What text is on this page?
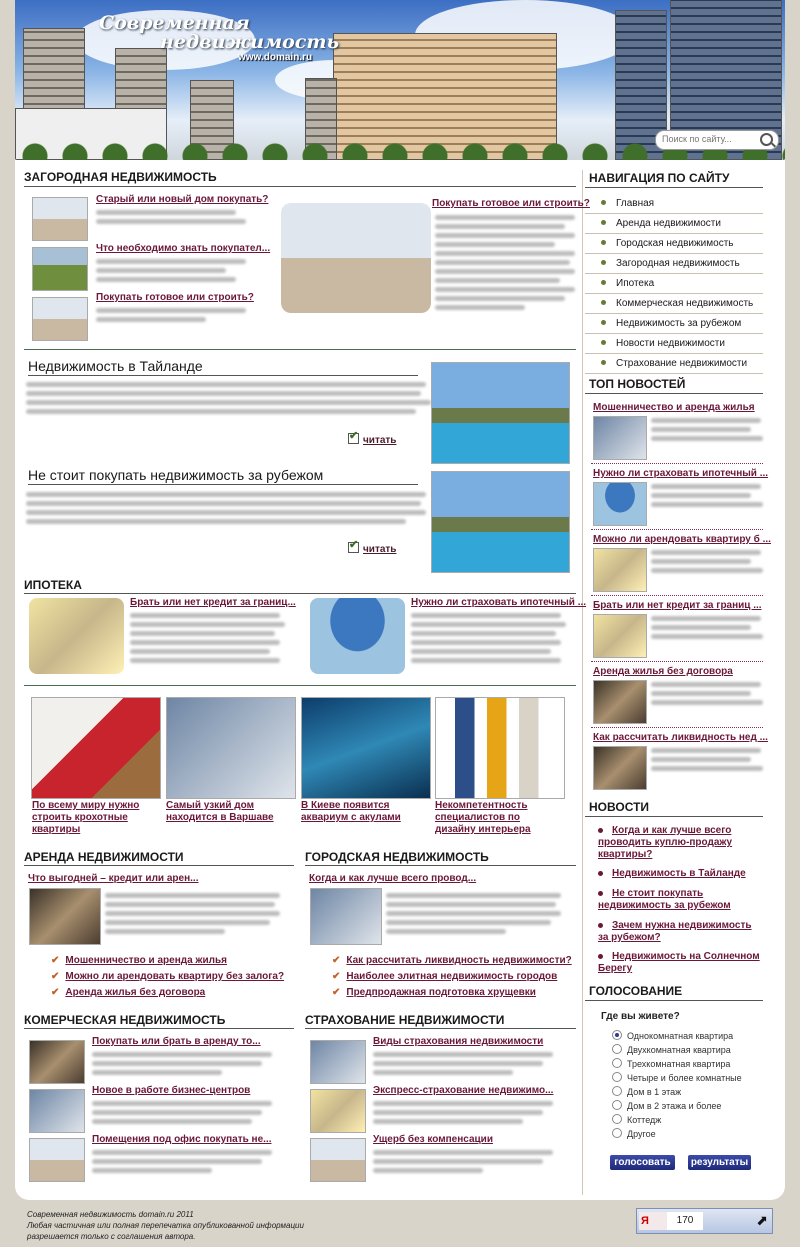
Современная
недвижимость
www.domain.ru
Поиск по сайту...
ЗАГОРОДНАЯ НЕДВИЖИМОСТЬ
Старый или новый дом покупать?
Что необходимо знать покупател...
Покупать готовое или строить?
Покупать готовое или строить?
Недвижимость в Тайланде
✔читать
Не стоит покупать недвижимость за рубежом
✔читать
ИПОТЕКА
Брать или нет кредит за границ...	Нужно ли страховать ипотечный ...
По всему миру нужно строить крохотные квартиры
Самый узкий дом находится в Варшаве
В Киеве появится аквариум с акулами
Некомпетентность специалистов по дизайну интерьера
АРЕНДА НЕДВИЖИМОСТИ
Что выгодней – кредит или арен...
✔ Мошенничество и аренда жилья
✔ Можно ли арендовать квартиру без залога?
✔ Аренда жилья без договора
ГОРОДСКАЯ НЕДВИЖИМОСТЬ
Когда и как лучше всего провод...
✔ Как рассчитать ликвидность недвижимости?
✔ Наиболее элитная недвижимость городов
✔ Предпродажная подготовка хрущевки
КОМЕРЧЕСКАЯ НЕДВИЖИМОСТЬ
Покупать или брать в аренду то...
Новое в работе бизнес-центров
Помещения под офис покупать не...
СТРАХОВАНИЕ НЕДВИЖИМОСТИ
Виды страхования недвижимости
Экспресс-страхование недвижимо...
Ущерб без компенсации
НАВИГАЦИЯ ПО САЙТУ
Главная
Аренда недвижимости
Городская недвижимость
Загородная недвижимость
Ипотека
Коммерческая недвижимость
Недвижимость за рубежом
Новости недвижимости
Страхование недвижимости
ТОП НОВОСТЕЙ
Мошенничество и аренда жилья
Нужно ли страховать ипотечный ...
Можно ли арендовать квартиру б ...
Брать или нет кредит за границ ...
Аренда жилья без договора
Как рассчитать ликвидность нед ...
НОВОСТИ
Когда и как лучше всего проводить куплю-продажу квартиры?
Недвижимость в Тайланде
Не стоит покупать недвижимость за рубежом
Зачем нужна недвижимость за рубежом?
Недвижимость на Солнечном Берегу
ГОЛОСОВАНИЕ
Где вы живете?
Однокомнатная квартира
Двухкомнатная квартира
Трехкомнатная квартира
Четыре и более комнатные
Дом в 1 этаж
Дом в 2 этажа и более
Коттедж
Другое
голосовать	результаты
Современная недвижимость domain.ru 2011
Любая частичная или полная перепечатка опубликованной информации
разрешается только с соглашения автора.
Я	170	⬈
